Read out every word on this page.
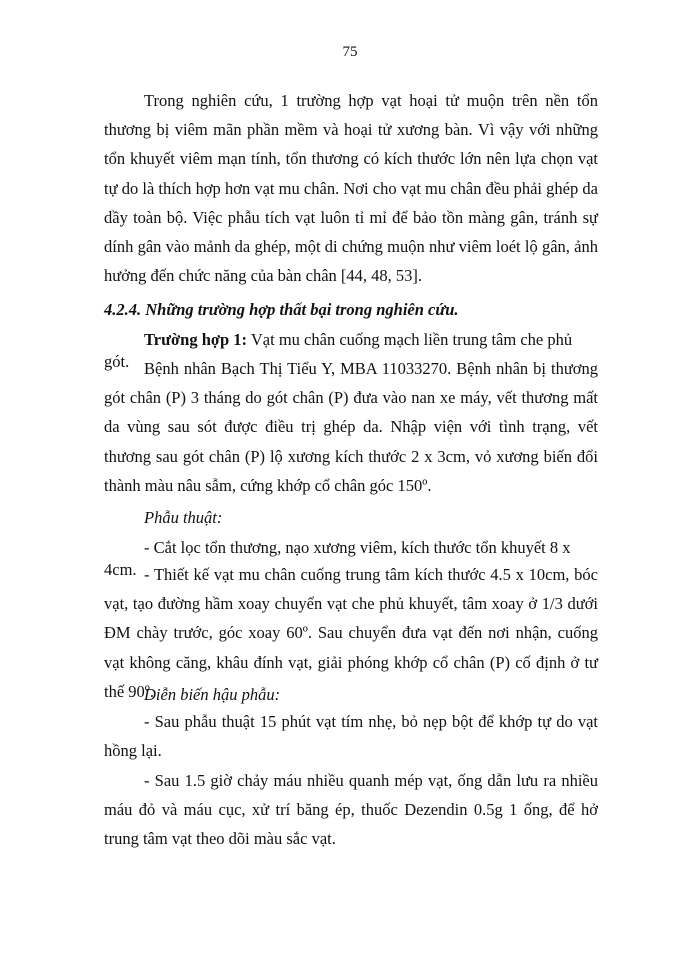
75

Trong nghiên cứu, 1 trường hợp vạt hoại tử muộn trên nền tổn thương bị viêm mãn phần mềm và hoại tử xương bàn. Vì vậy với những tổn khuyết viêm mạn tính, tổn thương có kích thước lớn nên lựa chọn vạt tự do là thích hợp hơn vạt mu chân. Nơi cho vạt mu chân đều phải ghép da dầy toàn bộ. Việc phẫu tích vạt luôn tỉ mỉ để bảo tồn màng gân, tránh sự dính gân vào mảnh da ghép, một di chứng muộn như viêm loét lộ gân, ảnh hưởng đến chức năng của bàn chân [44, 48, 53].

4.2.4. Những trường hợp thất bại trong nghiên cứu.

Trường hợp 1: Vạt mu chân cuống mạch liền trung tâm che phủ gót. Bệnh nhân Bạch Thị Tiểu Y, MBA 11033270. Bệnh nhân bị thương gót chân (P) 3 tháng do gót chân (P) đưa vào nan xe máy, vết thương mất da vùng sau sót được điều trị ghép da. Nhập viện với tình trạng, vết thương sau gót chân (P) lộ xương kích thước 2 x 3cm, vỏ xương biến đổi thành màu nâu sẫm, cứng khớp cổ chân góc 150º.

Phẫu thuật:

- Cắt lọc tổn thương, nạo xương viêm, kích thước tổn khuyết 8 x 4cm. - Thiết kế vạt mu chân cuống trung tâm kích thước 4.5 x 10cm, bóc vạt, tạo đường hầm xoay chuyển vạt che phủ khuyết, tâm xoay ở 1/3 dưới ĐM chày trước, góc xoay 60º. Sau chuyển đưa vạt đến nơi nhận, cuống vạt không căng, khâu đính vạt, giải phóng khớp cổ chân (P) cố định ở tư thế 90º.

Diễn biến hậu phẫu:

- Sau phẫu thuật 15 phút vạt tím nhẹ, bỏ nẹp bột để khớp tự do vạt hồng lại.

- Sau 1.5 giờ chảy máu nhiều quanh mép vạt, ống dẫn lưu ra nhiều máu đỏ và máu cục, xử trí băng ép, thuốc Dezendin 0.5g 1 ống, để hở trung tâm vạt theo dõi màu sắc vạt.
